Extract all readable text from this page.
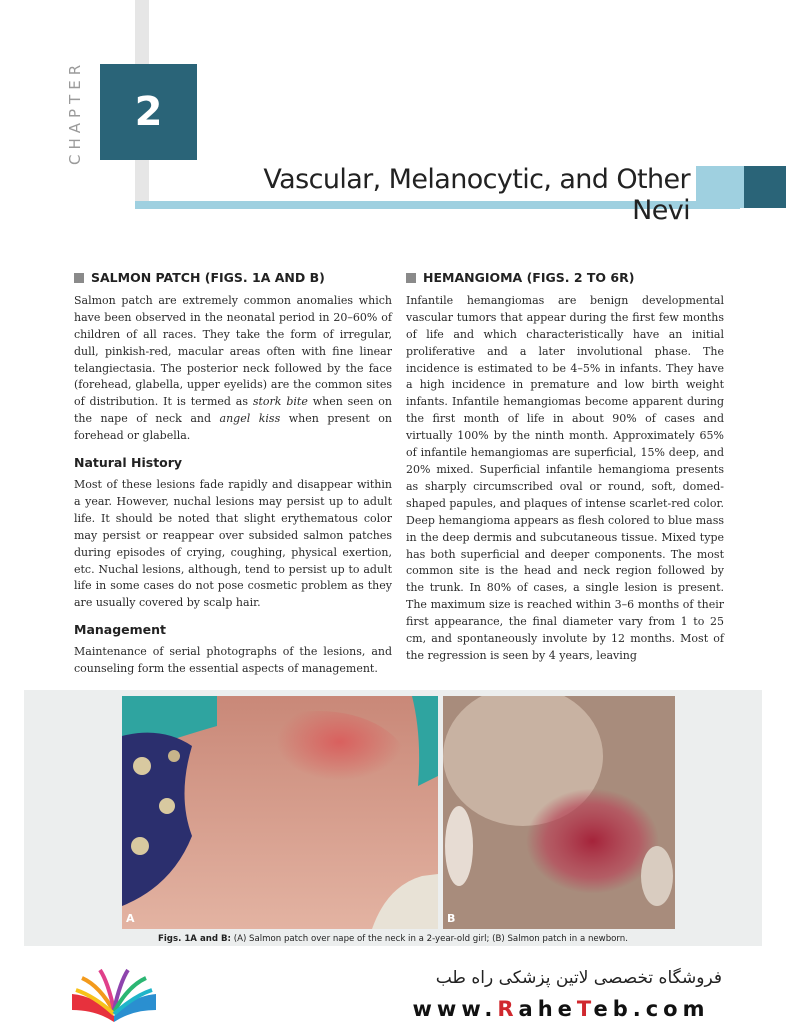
CHAPTER	2
Vascular, Melanocytic, and Other Nevi
SALMON PATCH (FIGS. 1A AND B)

Salmon patch are extremely common anomalies which have been observed in the neonatal period in 20–60% of children of all races. They take the form of irregular, dull, pinkish-red, macular areas often with fine linear telangiectasia. The posterior neck followed by the face (forehead, glabella, upper eyelids) are the common sites of distribution. It is termed as stork bite when seen on the nape of neck and angel kiss when present on forehead or glabella.

Natural History

Most of these lesions fade rapidly and disappear within a year. However, nuchal lesions may persist up to adult life. It should be noted that slight erythematous color may persist or reappear over subsided salmon patches during episodes of crying, coughing, physical exertion, etc. Nuchal lesions, although, tend to persist up to adult life in some cases do not pose cosmetic problem as they are usually covered by scalp hair.

Management

Maintenance of serial photographs of the lesions, and counseling form the essential aspects of management.

HEMANGIOMA (FIGS. 2 TO 6R)

Infantile hemangiomas are benign developmental vascular tumors that appear during the first few months of life and which characteristically have an initial proliferative and a later involutional phase. The incidence is estimated to be 4–5% in infants. They have a high incidence in premature and low birth weight infants. Infantile hemangiomas become apparent during the first month of life in about 90% of cases and virtually 100% by the ninth month. Approximately 65% of infantile hemangiomas are superficial, 15% deep, and 20% mixed. Superficial infantile hemangioma presents as sharply circumscribed oval or round, soft, domed-shaped papules, and plaques of intense scarlet-red color. Deep hemangioma appears as flesh colored to blue mass in the deep dermis and subcutaneous tissue. Mixed type has both superficial and deeper components. The most common site is the head and neck region followed by the trunk. In 80% of cases, a single lesion is present. The maximum size is reached within 3–6 months of their first appearance, the final diameter vary from 1 to 25 cm, and spontaneously involute by 12 months. Most of the regression is seen by 4 years, leaving

A	B
Figs. 1A and B: (A) Salmon patch over nape of the neck in a 2-year-old girl; (B) Salmon patch in a newborn.
فروشگاه تخصصی لاتین پزشکی راه طب
www.RaheTeb.com
